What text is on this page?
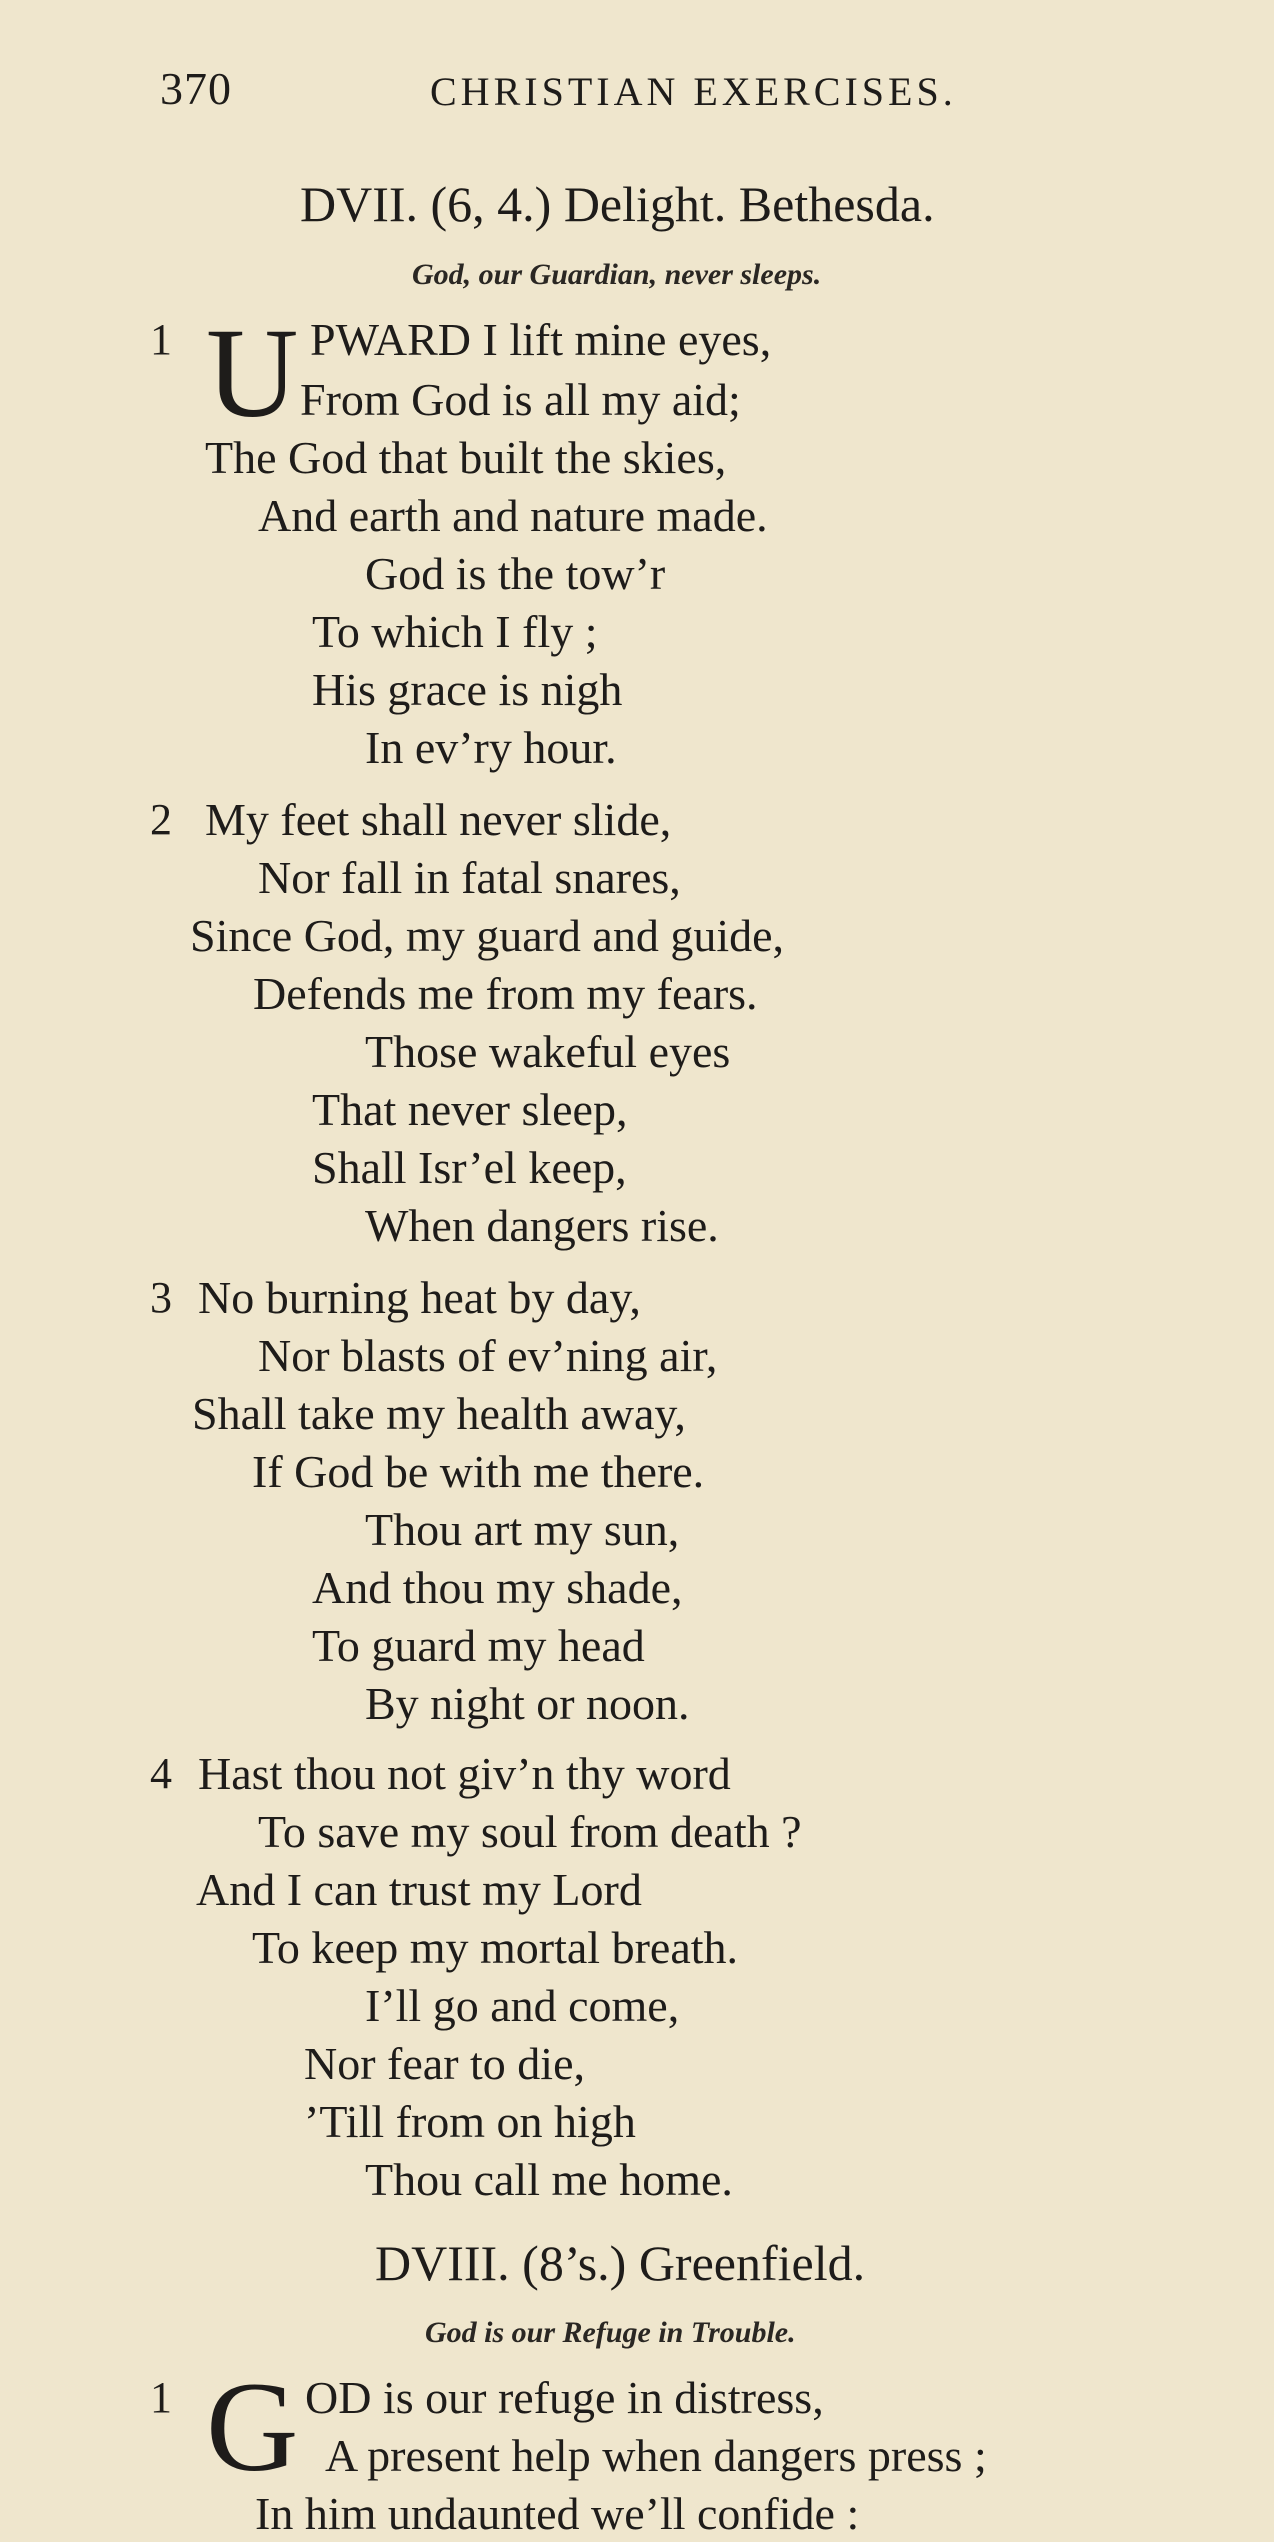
370	CHRISTIAN EXERCISES.
DVII. (6, 4.) Delight. Bethesda.
God, our Guardian, never sleeps.
1 U PWARD I lift mine eyes,
From God is all my aid;
The God that built the skies,
And earth and nature made.
God is the tow’r
To which I fly ;
His grace is nigh
In ev’ry hour.
2 My feet shall never slide,
Nor fall in fatal snares,
Since God, my guard and guide,
Defends me from my fears.
Those wakeful eyes
That never sleep,
Shall Isr’el keep,
When dangers rise.
3 No burning heat by day,
Nor blasts of ev’ning air,
Shall take my health away,
If God be with me there.
Thou art my sun,
And thou my shade,
To guard my head
By night or noon.
4 Hast thou not giv’n thy word
To save my soul from death ?
And I can trust my Lord
To keep my mortal breath.
I’ll go and come,
Nor fear to die,
’Till from on high
Thou call me home.
DVIII. (8’s.) Greenfield.
God is our Refuge in Trouble.
1 G OD is our refuge in distress,
A present help when dangers press ;
In him undaunted we’ll confide :
